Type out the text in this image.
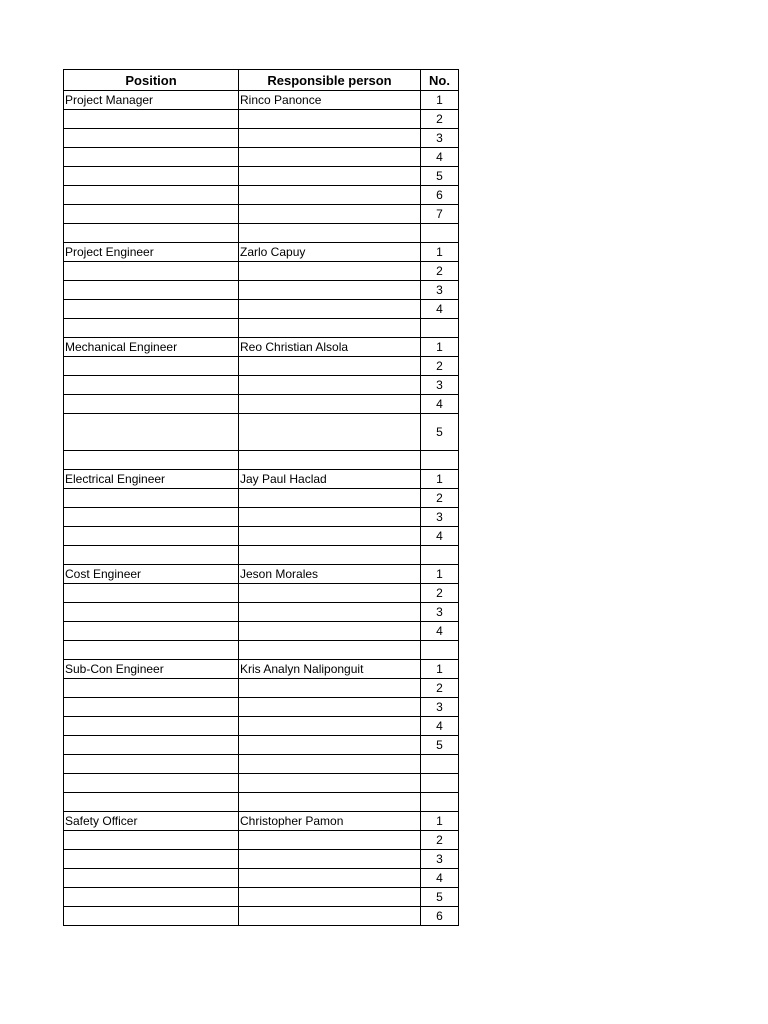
Position	Responsible person	No.
Project Manager	Rinco Panonce	1
		2
		3
		4
		5
		6
		7

Project Engineer	Zarlo Capuy	1
		2
		3
		4

Mechanical Engineer	Reo Christian Alsola	1
		2
		3
		4
		5

Electrical Engineer	Jay Paul Haclad	1
		2
		3
		4

Cost Engineer	Jeson Morales	1
		2
		3
		4

Sub-Con Engineer	Kris Analyn Naliponguit	1
		2
		3
		4
		5

Safety Officer	Christopher Pamon	1
		2
		3
		4
		5
		6
